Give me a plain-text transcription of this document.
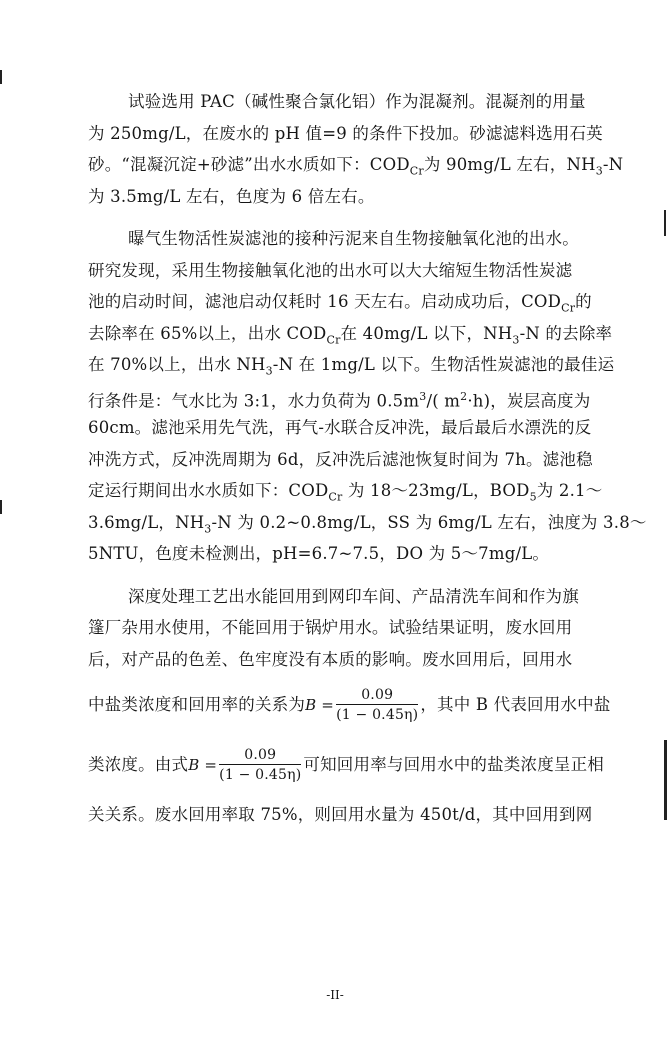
试验选用 PAC（碱性聚合氯化铝）作为混凝剂。混凝剂的用量
为 250mg/L，在废水的 pH 值=9 的条件下投加。砂滤滤料选用石英
砂。“混凝沉淀+砂滤”出水水质如下：$COD_{Cr}$为 90mg/L 左右，$NH_3-N$
为 3.5mg/L 左右，色度为 6 倍左右。
曝气生物活性炭滤池的接种污泥来自生物接触氧化池的出水。
研究发现，采用生物接触氧化池的出水可以大大缩短生物活性炭滤
池的启动时间，滤池启动仅耗时 16 天左右。启动成功后，$COD_{Cr}$的
去除率在 65%以上，出水 $COD_{Cr}$在 40mg/L 以下，$NH_3-N$ 的去除率
在 70%以上，出水 $NH_3-N$ 在 1mg/L 以下。生物活性炭滤池的最佳运
行条件是：气水比为 3:1，水力负荷为 $0.5m^3/$( $m^2\cdot h$)，炭层高度为
60cm。滤池采用先气洗，再气-水联合反冲洗，最后最后水漂洗的反
冲洗方式，反冲洗周期为 6d，反冲洗后滤池恢复时间为 7h。滤池稳
定运行期间出水水质如下：$COD_{Cr}$ 为 18～23mg/L，$BOD_5$为 2.1～
3.6mg/L，$NH_3-N$ 为 0.2~0.8mg/L，SS 为 6mg/L 左右，浊度为 3.8～
5NTU，色度未检测出，pH=6.7~7.5，DO 为 5～7mg/L。
深度处理工艺出水能回用到网印车间、产品清洗车间和作为旗
篷厂杂用水使用，不能回用于锅炉用水。试验结果证明，废水回用
后，对产品的色差、色牢度没有本质的影响。废水回用后，回用水
中盐类浓度和回用率的关系为$B = \frac{0.09}{(1 - 0.45\eta)}$ ，其中 B 代表回用水中盐
类浓度。由式$B = \frac{0.09}{(1 - 0.45\eta)}$ 可知回用率与回用水中的盐类浓度呈正相
关关系。废水回用率取 75%，则回用水量为 450t/d，其中回用到网
-II-
